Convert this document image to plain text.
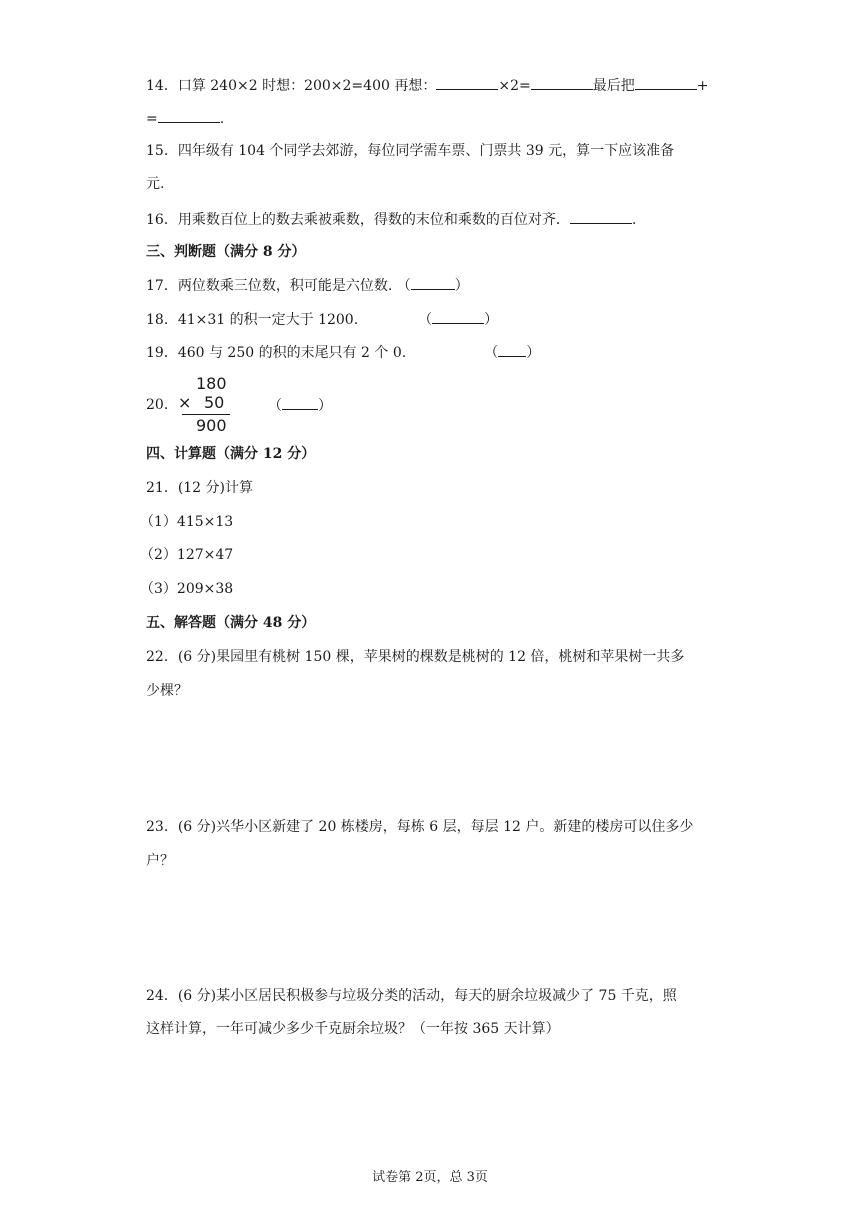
14．口算 240×2 时想：200×2=400 再想：	×2=	最后把	+
=	.
15．四年级有 104 个同学去郊游，每位同学需车票、门票共 39 元，算一下应该准备
元.
16．用乘数百位上的数去乘被乘数，得数的末位和乘数的百位对齐．	.
三、判断题（满分 8 分）
17．两位数乘三位数，积可能是六位数. （	）
18．41×31 的积一定大于 1200.	（	）
19．460 与 250 的积的末尾只有 2 个 0.	（ ）
20．
180
× 50
900
（	）
四、计算题（满分 12 分）
21．(12 分)计算
（1）415×13
（2）127×47
（3）209×38
五、解答题（满分 48 分）
22．(6 分)果园里有桃树 150 棵，苹果树的棵数是桃树的 12 倍，桃树和苹果树一共多
少棵？
23．(6 分)兴华小区新建了 20 栋楼房，每栋 6 层，每层 12 户。新建的楼房可以住多少
户？
24．(6 分)某小区居民积极参与垃圾分类的活动，每天的厨余垃圾减少了 75 千克，照
这样计算，一年可减少多少千克厨余垃圾？（一年按 365 天计算）
试卷第 2页，总 3页
